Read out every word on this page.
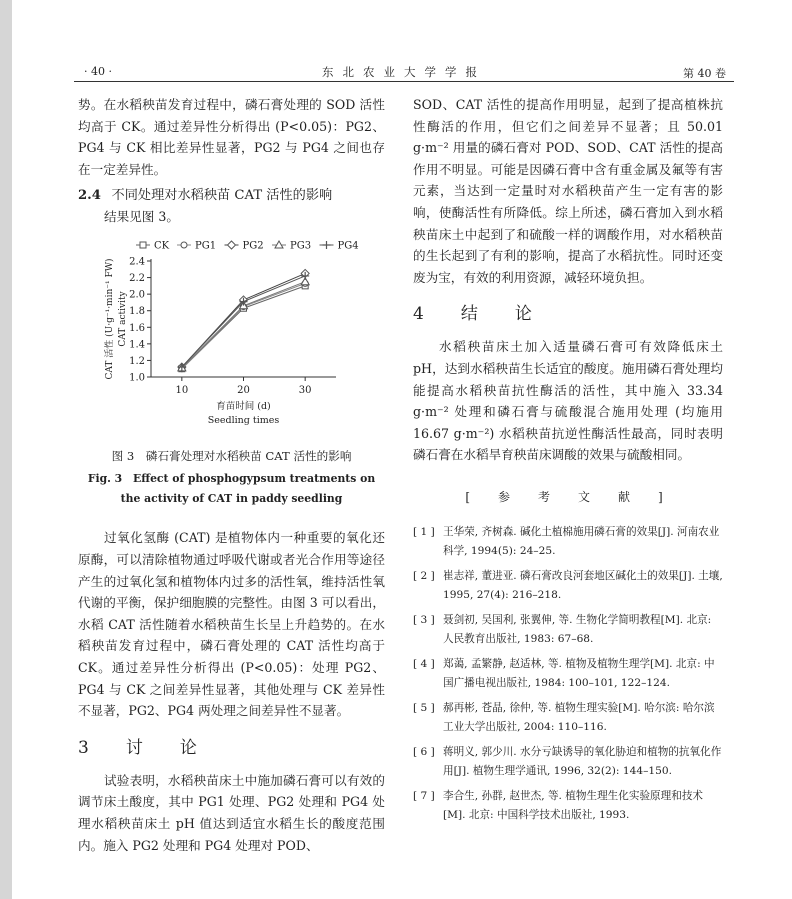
· 40 ·	东北农业大学学报	第 40 卷

势。在水稻秧苗发育过程中，磷石膏处理的 SOD 活性均高于 CK。通过差异性分析得出 (P<0.05)：PG2、PG4 与 CK 相比差异性显著，PG2 与 PG4 之间也存在一定差异性。

2.4 不同处理对水稻秧苗 CAT 活性的影响
结果见图 3。
1.0
1.2
1.4
1.6
1.8
2.0
2.2
2.4
10	20	30
育苗时间 (d)
Seedling times
CAT 活性 (U·g⁻¹·min⁻¹ FW) CAT activity
CK	PG1	PG2	PG3	PG4
图 3　磷石膏处理对水稻秧苗 CAT 活性的影响
Fig. 3　Effect of phosphogypsum treatments on the activity of CAT in paddy seedling

过氧化氢酶 (CAT) 是植物体内一种重要的氧化还原酶，可以清除植物通过呼吸代谢或者光合作用等途径产生的过氧化氢和植物体内过多的活性氧，维持活性氧代谢的平衡，保护细胞膜的完整性。由图 3 可以看出，水稻 CAT 活性随着水稻秧苗生长呈上升趋势的。在水稻秧苗发育过程中，磷石膏处理的 CAT 活性均高于 CK。通过差异性分析得出 (P<0.05)：处理 PG2、PG4 与 CK 之间差异性显著，其他处理与 CK 差异性不显著，PG2、PG4 两处理之间差异性不显著。

3　讨　论

试验表明，水稻秧苗床土中施加磷石膏可以有效的调节床土酸度，其中 PG1 处理、PG2 处理和 PG4 处理水稻秧苗床土 pH 值达到适宜水稻生长的酸度范围内。施入 PG2 处理和 PG4 处理对 POD、

SOD、CAT 活性的提高作用明显，起到了提高植株抗性酶活的作用，但它们之间差异不显著；且 50.01 g·m⁻² 用量的磷石膏对 POD、SOD、CAT 活性的提高作用不明显。可能是因磷石膏中含有重金属及氟等有害元素，当达到一定量时对水稻秧苗产生一定有害的影响，使酶活性有所降低。综上所述，磷石膏加入到水稻秧苗床土中起到了和硫酸一样的调酸作用，对水稻秧苗的生长起到了有利的影响，提高了水稻抗性。同时还变废为宝，有效的利用资源，减轻环境负担。

4　结　论

水稻秧苗床土加入适量磷石膏可有效降低床土 pH，达到水稻秧苗生长适宜的酸度。施用磷石膏处理均能提高水稻秧苗抗性酶活的活性，其中施入 33.34 g·m⁻² 处理和磷石膏与硫酸混合施用处理 (均施用 16.67 g·m⁻²) 水稻秧苗抗逆性酶活性最高，同时表明磷石膏在水稻旱育秧苗床调酸的效果与硫酸相同。

[　参　考　文　献　]
[ 1 ] 王华荣, 齐树森. 碱化土植棉施用磷石膏的效果[J]. 河南农业科学, 1994(5): 24–25.
[ 2 ] 崔志祥, 董进亚. 磷石膏改良河套地区碱化土的效果[J]. 土壤, 1995, 27(4): 216–218.
[ 3 ] 聂剑初, 吴国利, 张翼伸, 等. 生物化学简明教程[M]. 北京: 人民教育出版社, 1983: 67–68.
[ 4 ] 郑蔼, 孟繁静, 赵适林, 等. 植物及植物生理学[M]. 北京: 中国广播电视出版社, 1984: 100–101, 122–124.
[ 5 ] 郝再彬, 苍晶, 徐仲, 等. 植物生理实验[M]. 哈尔滨: 哈尔滨工业大学出版社, 2004: 110–116.
[ 6 ] 蒋明义, 郭少川. 水分亏缺诱导的氧化胁迫和植物的抗氧化作用[J]. 植物生理学通讯, 1996, 32(2): 144–150.
[ 7 ] 李合生, 孙群, 赵世杰, 等. 植物生理生化实验原理和技术[M]. 北京: 中国科学技术出版社, 1993.
